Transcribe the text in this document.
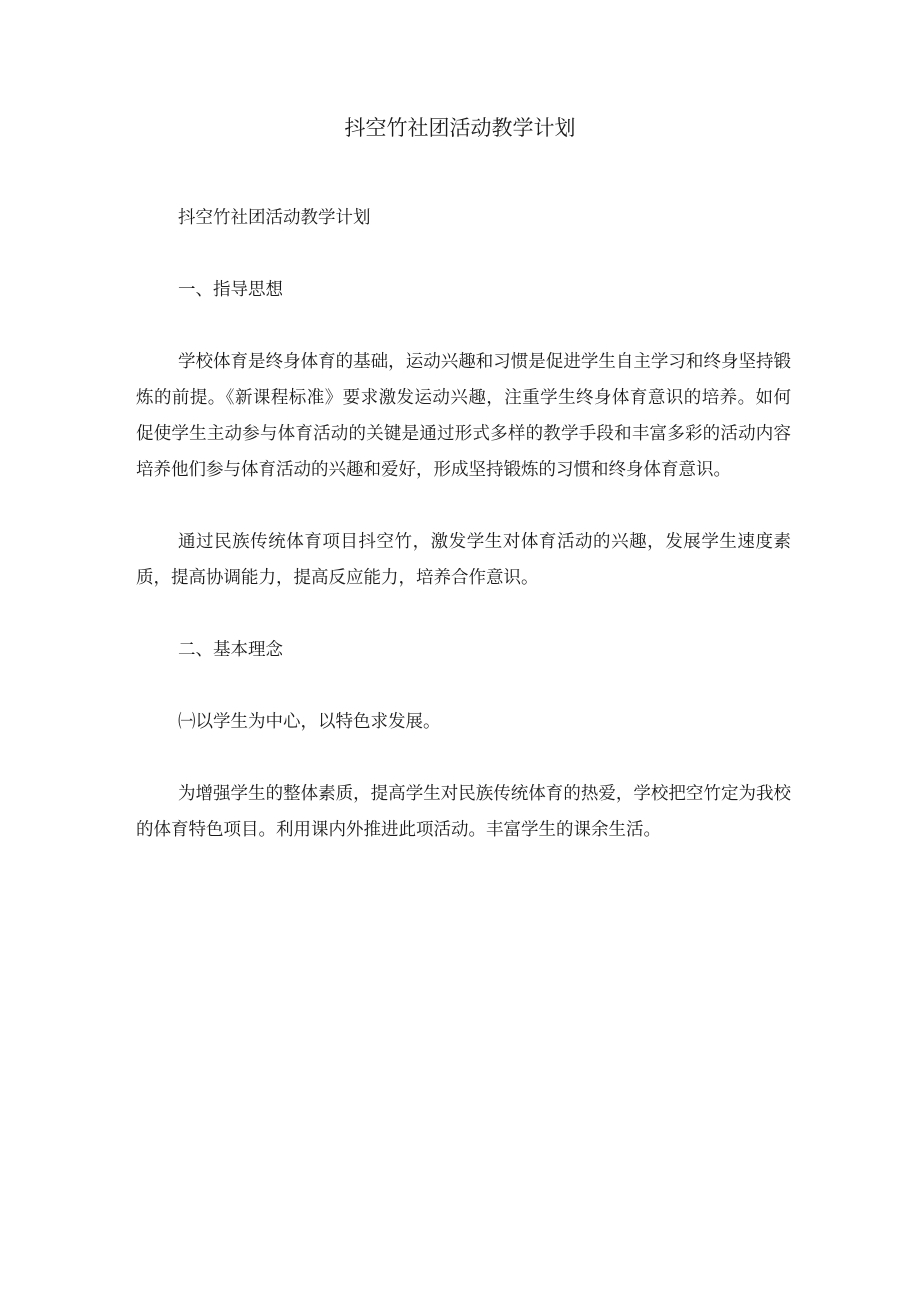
抖空竹社团活动教学计划

抖空竹社团活动教学计划

一、指导思想

学校体育是终身体育的基础，运动兴趣和习惯是促进学生自主学习和终身坚持锻炼的前提。《新课程标准》要求激发运动兴趣，注重学生终身体育意识的培养。如何促使学生主动参与体育活动的关键是通过形式多样的教学手段和丰富多彩的活动内容培养他们参与体育活动的兴趣和爱好，形成坚持锻炼的习惯和终身体育意识。

通过民族传统体育项目抖空竹，激发学生对体育活动的兴趣，发展学生速度素质，提高协调能力，提高反应能力，培养合作意识。

二、基本理念

㈠以学生为中心，以特色求发展。

为增强学生的整体素质，提高学生对民族传统体育的热爱，学校把空竹定为我校的体育特色项目。利用课内外推进此项活动。丰富学生的课余生活。
